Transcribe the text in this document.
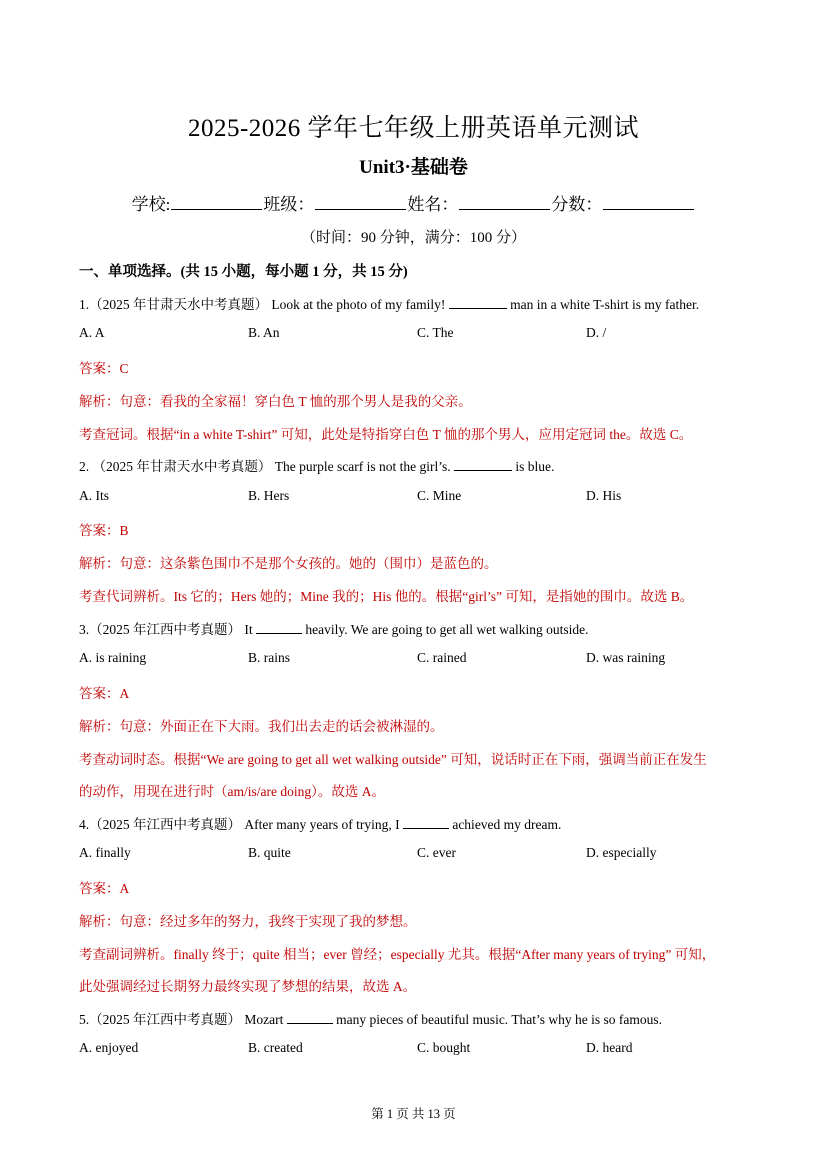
2025-2026 学年七年级上册英语单元测试
Unit3·基础卷
学校:	班级：	姓名：	分数：
（时间：90 分钟，满分：100 分）
一、单项选择。(共 15 小题，每小题 1 分，共 15 分)
1.（2025 年甘肃天水中考真题） Look at the photo of my family!	man in a white T-shirt is my father.
A. A	B. An	C. The	D. /
答案：C
解析：句意：看我的全家福！穿白色 T 恤的那个男人是我的父亲。
考查冠词。根据“in a white T-shirt” 可知，此处是特指穿白色 T 恤的那个男人，应用定冠词 the。故选 C。
2. （2025 年甘肃天水中考真题） The purple scarf is not the girl’s.	is blue.
A. Its	B. Hers	C. Mine	D. His
答案：B
解析：句意：这条紫色围巾不是那个女孩的。她的（围巾）是蓝色的。
考查代词辨析。Its 它的；Hers 她的；Mine 我的；His 他的。根据“girl’s” 可知，是指她的围巾。故选 B。
3.（2025 年江西中考真题） It	heavily. We are going to get all wet walking outside.
A. is raining	B. rains	C. rained	D. was raining
答案：A
解析：句意：外面正在下大雨。我们出去走的话会被淋湿的。
考查动词时态。根据“We are going to get all wet walking outside” 可知，说话时正在下雨，强调当前正在发生
的动作，用现在进行时（am/is/are doing）。故选 A。
4.（2025 年江西中考真题） After many years of trying, I	achieved my dream.
A. finally	B. quite	C. ever	D. especially
答案：A
解析：句意：经过多年的努力，我终于实现了我的梦想。
考查副词辨析。finally 终于；quite 相当；ever 曾经；especially 尤其。根据“After many years of trying” 可知，
此处强调经过长期努力最终实现了梦想的结果，故选 A。
5.（2025 年江西中考真题） Mozart	many pieces of beautiful music. That’s why he is so famous.
A. enjoyed	B. created	C. bought	D. heard
第 1 页 共 13 页
